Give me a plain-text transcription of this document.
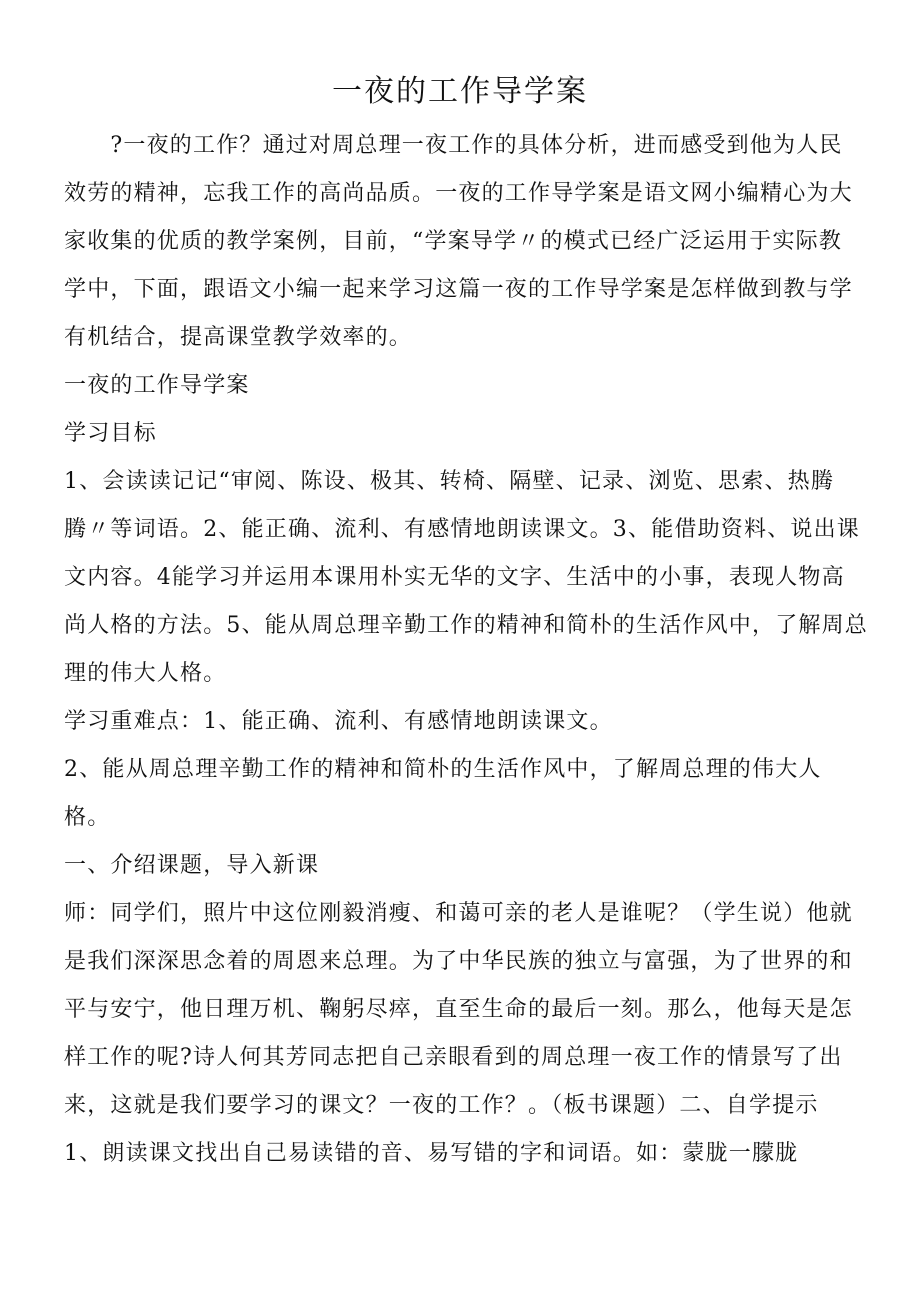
一夜的工作导学案
　　?一夜的工作？通过对周总理一夜工作的具体分析，进而感受到他为人民
效劳的精神，忘我工作的高尚品质。一夜的工作导学案是语文网小编精心为大
家收集的优质的教学案例，目前，“学案导学〃的模式已经广泛运用于实际教
学中，下面，跟语文小编一起来学习这篇一夜的工作导学案是怎样做到教与学
有机结合，提高课堂教学效率的。
一夜的工作导学案
学习目标
1、会读读记记“审阅、陈设、极其、转椅、隔壁、记录、浏览、思索、热腾
腾〃等词语。2、能正确、流利、有感情地朗读课文。3、能借助资料、说出课
文内容。4能学习并运用本课用朴实无华的文字、生活中的小事，表现人物高
尚人格的方法。5、能从周总理辛勤工作的精神和简朴的生活作风中，了解周总
理的伟大人格。
学习重难点：1、能正确、流利、有感情地朗读课文。
2、能从周总理辛勤工作的精神和简朴的生活作风中，了解周总理的伟大人
格。
一、介绍课题，导入新课
师：同学们，照片中这位刚毅消瘦、和蔼可亲的老人是谁呢？（学生说）他就
是我们深深思念着的周恩来总理。为了中华民族的独立与富强，为了世界的和
平与安宁，他日理万机、鞠躬尽瘁，直至生命的最后一刻。那么，他每天是怎
样工作的呢?诗人何其芳同志把自己亲眼看到的周总理一夜工作的情景写了出
来，这就是我们要学习的课文？一夜的工作？。（板书课题）二、自学提示
1、朗读课文找出自己易读错的音、易写错的字和词语。如：蒙胧一朦胧
